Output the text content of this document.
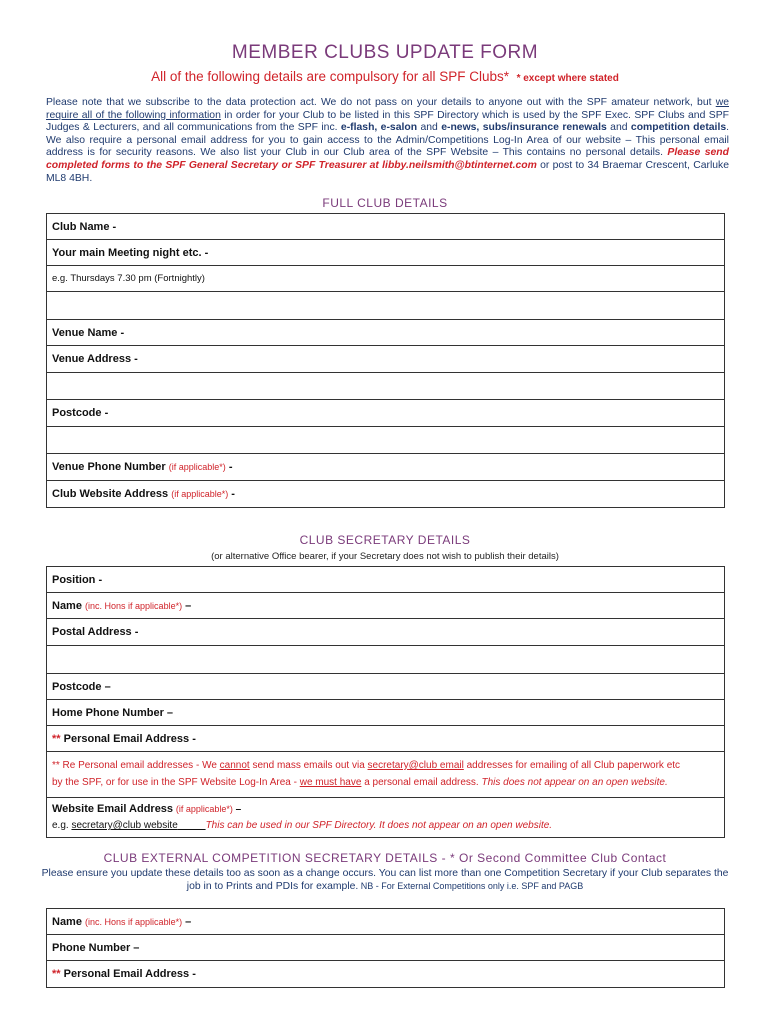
MEMBER CLUBS UPDATE FORM
All of the following details are compulsory for all SPF Clubs* * except where stated
Please note that we subscribe to the data protection act. We do not pass on your details to anyone out with the SPF amateur network, but we require all of the following information in order for your Club to be listed in this SPF Directory which is used by the SPF Exec. SPF Clubs and SPF Judges & Lecturers, and all communications from the SPF inc. e-flash, e-salon and e-news, subs/insurance renewals and competition details. We also require a personal email address for you to gain access to the Admin/Competitions Log-In Area of our website – This personal email address is for security reasons. We also list your Club in our Club area of the SPF Website – This contains no personal details. Please send completed forms to the SPF General Secretary or SPF Treasurer at libby.neilsmith@btinternet.com or post to 34 Braemar Crescent, Carluke ML8 4BH.
FULL CLUB DETAILS
Club Name -
Your main Meeting night etc. -
e.g. Thursdays 7.30 pm (Fortnightly)
Venue Name -
Venue Address -
Postcode -
Venue Phone Number
(if applicable*)
-
Club Website Address
(if applicable*)
-
CLUB SECRETARY DETAILS
(or alternative Office bearer, if your Secretary does not wish to publish their details)
Position -
Name
(inc. Hons if applicable*)
–
Postal Address -
Postcode –
Home Phone Number –
**
Personal Email Address -
** Re Personal email addresses - We cannot send mass emails out via secretary@club email addresses for emailing of all Club paperwork etc
by the SPF, or for use in the SPF Website Log-In Area - we must have a personal email address. This does not appear on an open website.
Website Email Address (if applicable*) –
e.g. secretary@club website	This can be used in our SPF Directory. It does not appear on an open website.
CLUB EXTERNAL COMPETITION SECRETARY DETAILS - * Or Second Committee Club Contact
Please ensure you update these details too as soon as a change occurs. You can list more than one Competition Secretary if your Club separates the job in to Prints and PDIs for example. NB - For External Competitions only i.e. SPF and PAGB
Name
(inc. Hons if applicable*)
–
Phone Number –
**
Personal Email Address -
